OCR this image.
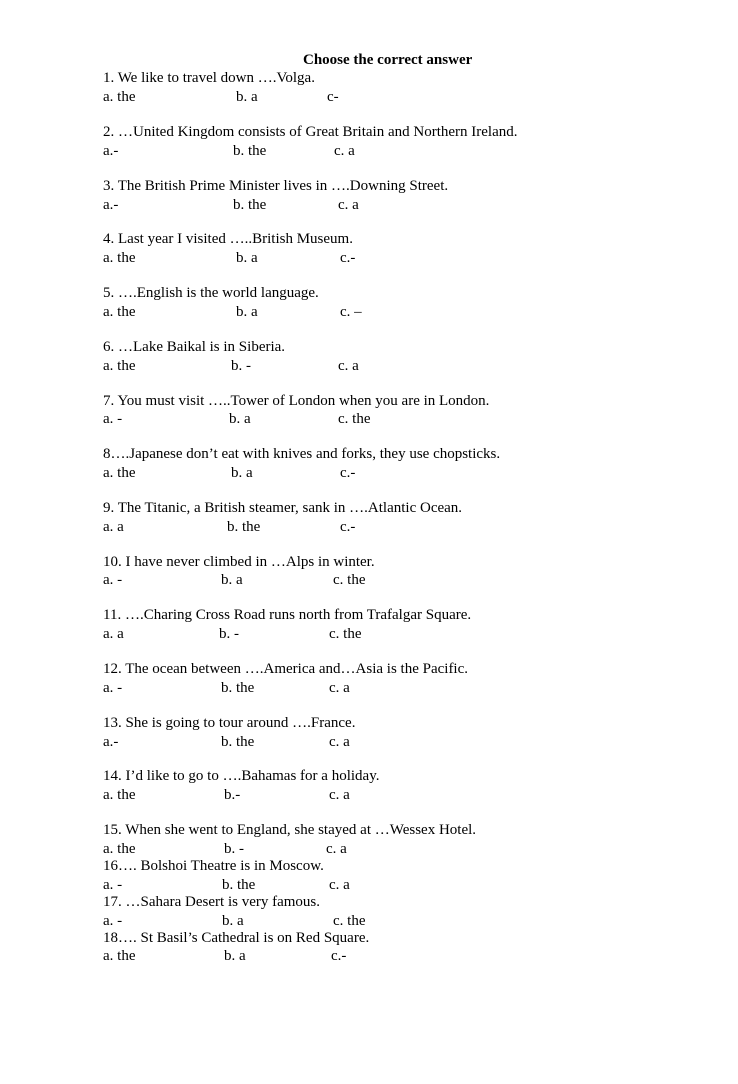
Choose the correct answer
1. We like to travel down ….Volga.
a. the	b. a	c-
2. …United Kingdom consists of Great Britain and Northern Ireland.
a.-	b. the	c. a
3. The British Prime Minister lives in ….Downing Street.
a.-	b. the	c. a
4. Last year I visited …..British Museum.
a. the	b. a	c.-
5. ….English is the world language.
a. the	b. a	c. –
6. …Lake Baikal is in Siberia.
a. the	b. -	c. a
7. You must visit …..Tower of London when you are in London.
a. -	b. a	c. the
8….Japanese don’t eat with knives and forks, they use chopsticks.
a. the	b. a	c.-
9. The Titanic, a British steamer, sank in ….Atlantic Ocean.
a. a	b. the	c.-
10. I have never climbed in …Alps in winter.
a. -	b. a	c. the
11. ….Charing Cross Road runs north from Trafalgar Square.
a. a	b. -	c. the
12. The ocean between ….America and…Asia is the Pacific.
a. -	b. the	c. a
13. She is going to tour around ….France.
a.-	b. the	c. a
14. I’d like to go to ….Bahamas for a holiday.
a. the	b.-	c. a
15. When she went to England, she stayed at …Wessex Hotel.
a. the	b. -	c. a
16…. Bolshoi Theatre is in Moscow.
a. -	b. the	c. a
17. …Sahara Desert is very famous.
a. -	b. a	c. the
18…. St Basil’s Cathedral is on Red Square.
a. the	b. a	c.-
